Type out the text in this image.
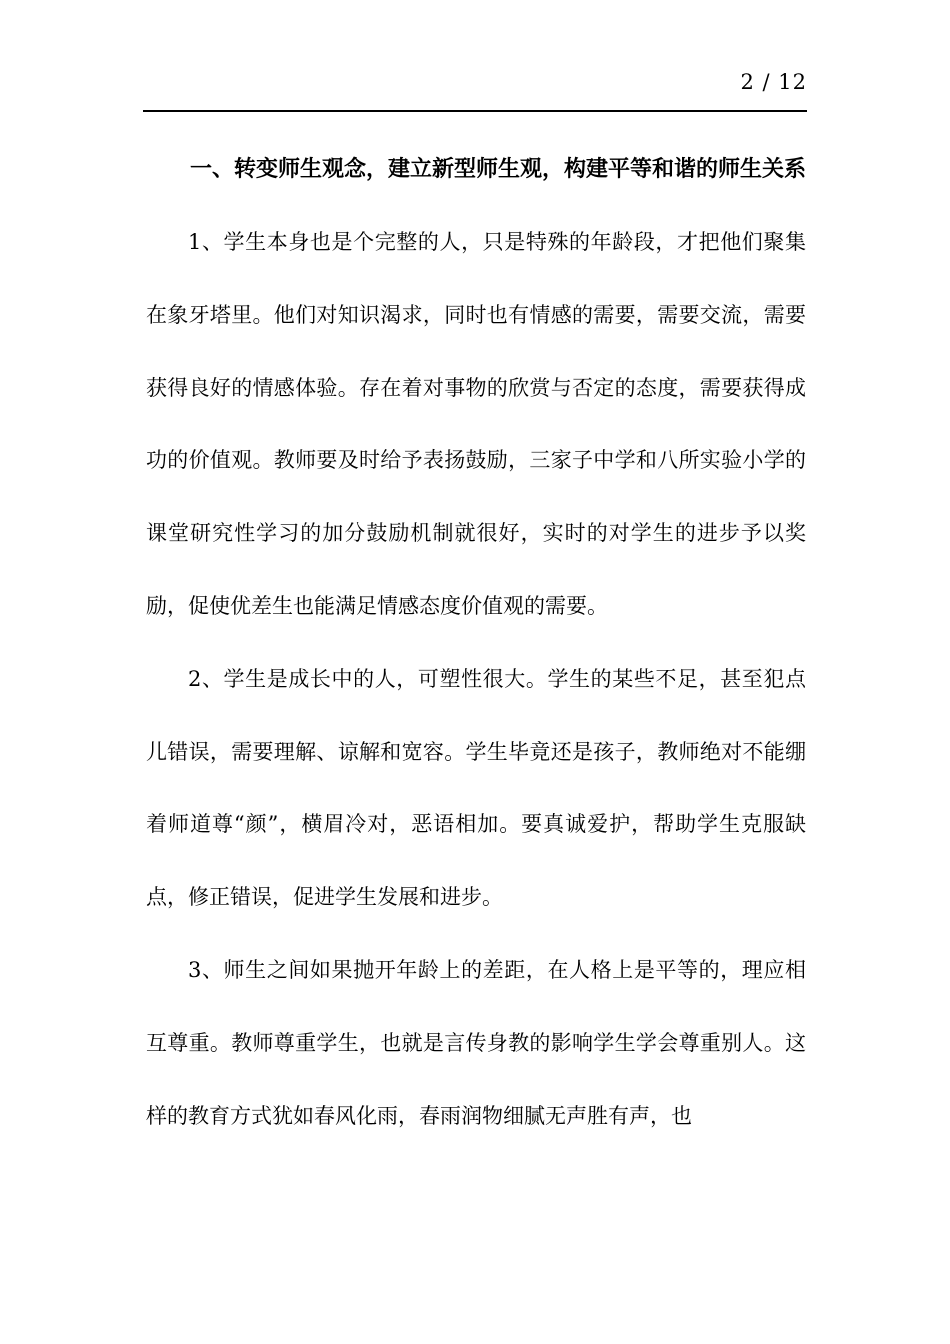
2 / 12

一、转变师生观念，建立新型师生观，构建平等和谐的师生关系

1、学生本身也是个完整的人，只是特殊的年龄段，才把他们聚集在象牙塔里。他们对知识渴求，同时也有情感的需要，需要交流，需要获得良好的情感体验。存在着对事物的欣赏与否定的态度，需要获得成功的价值观。教师要及时给予表扬鼓励，三家子中学和八所实验小学的课堂研究性学习的加分鼓励机制就很好，实时的对学生的进步予以奖励，促使优差生也能满足情感态度价值观的需要。

2、学生是成长中的人，可塑性很大。学生的某些不足，甚至犯点儿错误，需要理解、谅解和宽容。学生毕竟还是孩子，教师绝对不能绷着师道尊“颜”，横眉冷对，恶语相加。要真诚爱护，帮助学生克服缺点，修正错误，促进学生发展和进步。

3、师生之间如果抛开年龄上的差距，在人格上是平等的，理应相互尊重。教师尊重学生，也就是言传身教的影响学生学会尊重别人。这样的教育方式犹如春风化雨，春雨润物细腻无声胜有声，也
